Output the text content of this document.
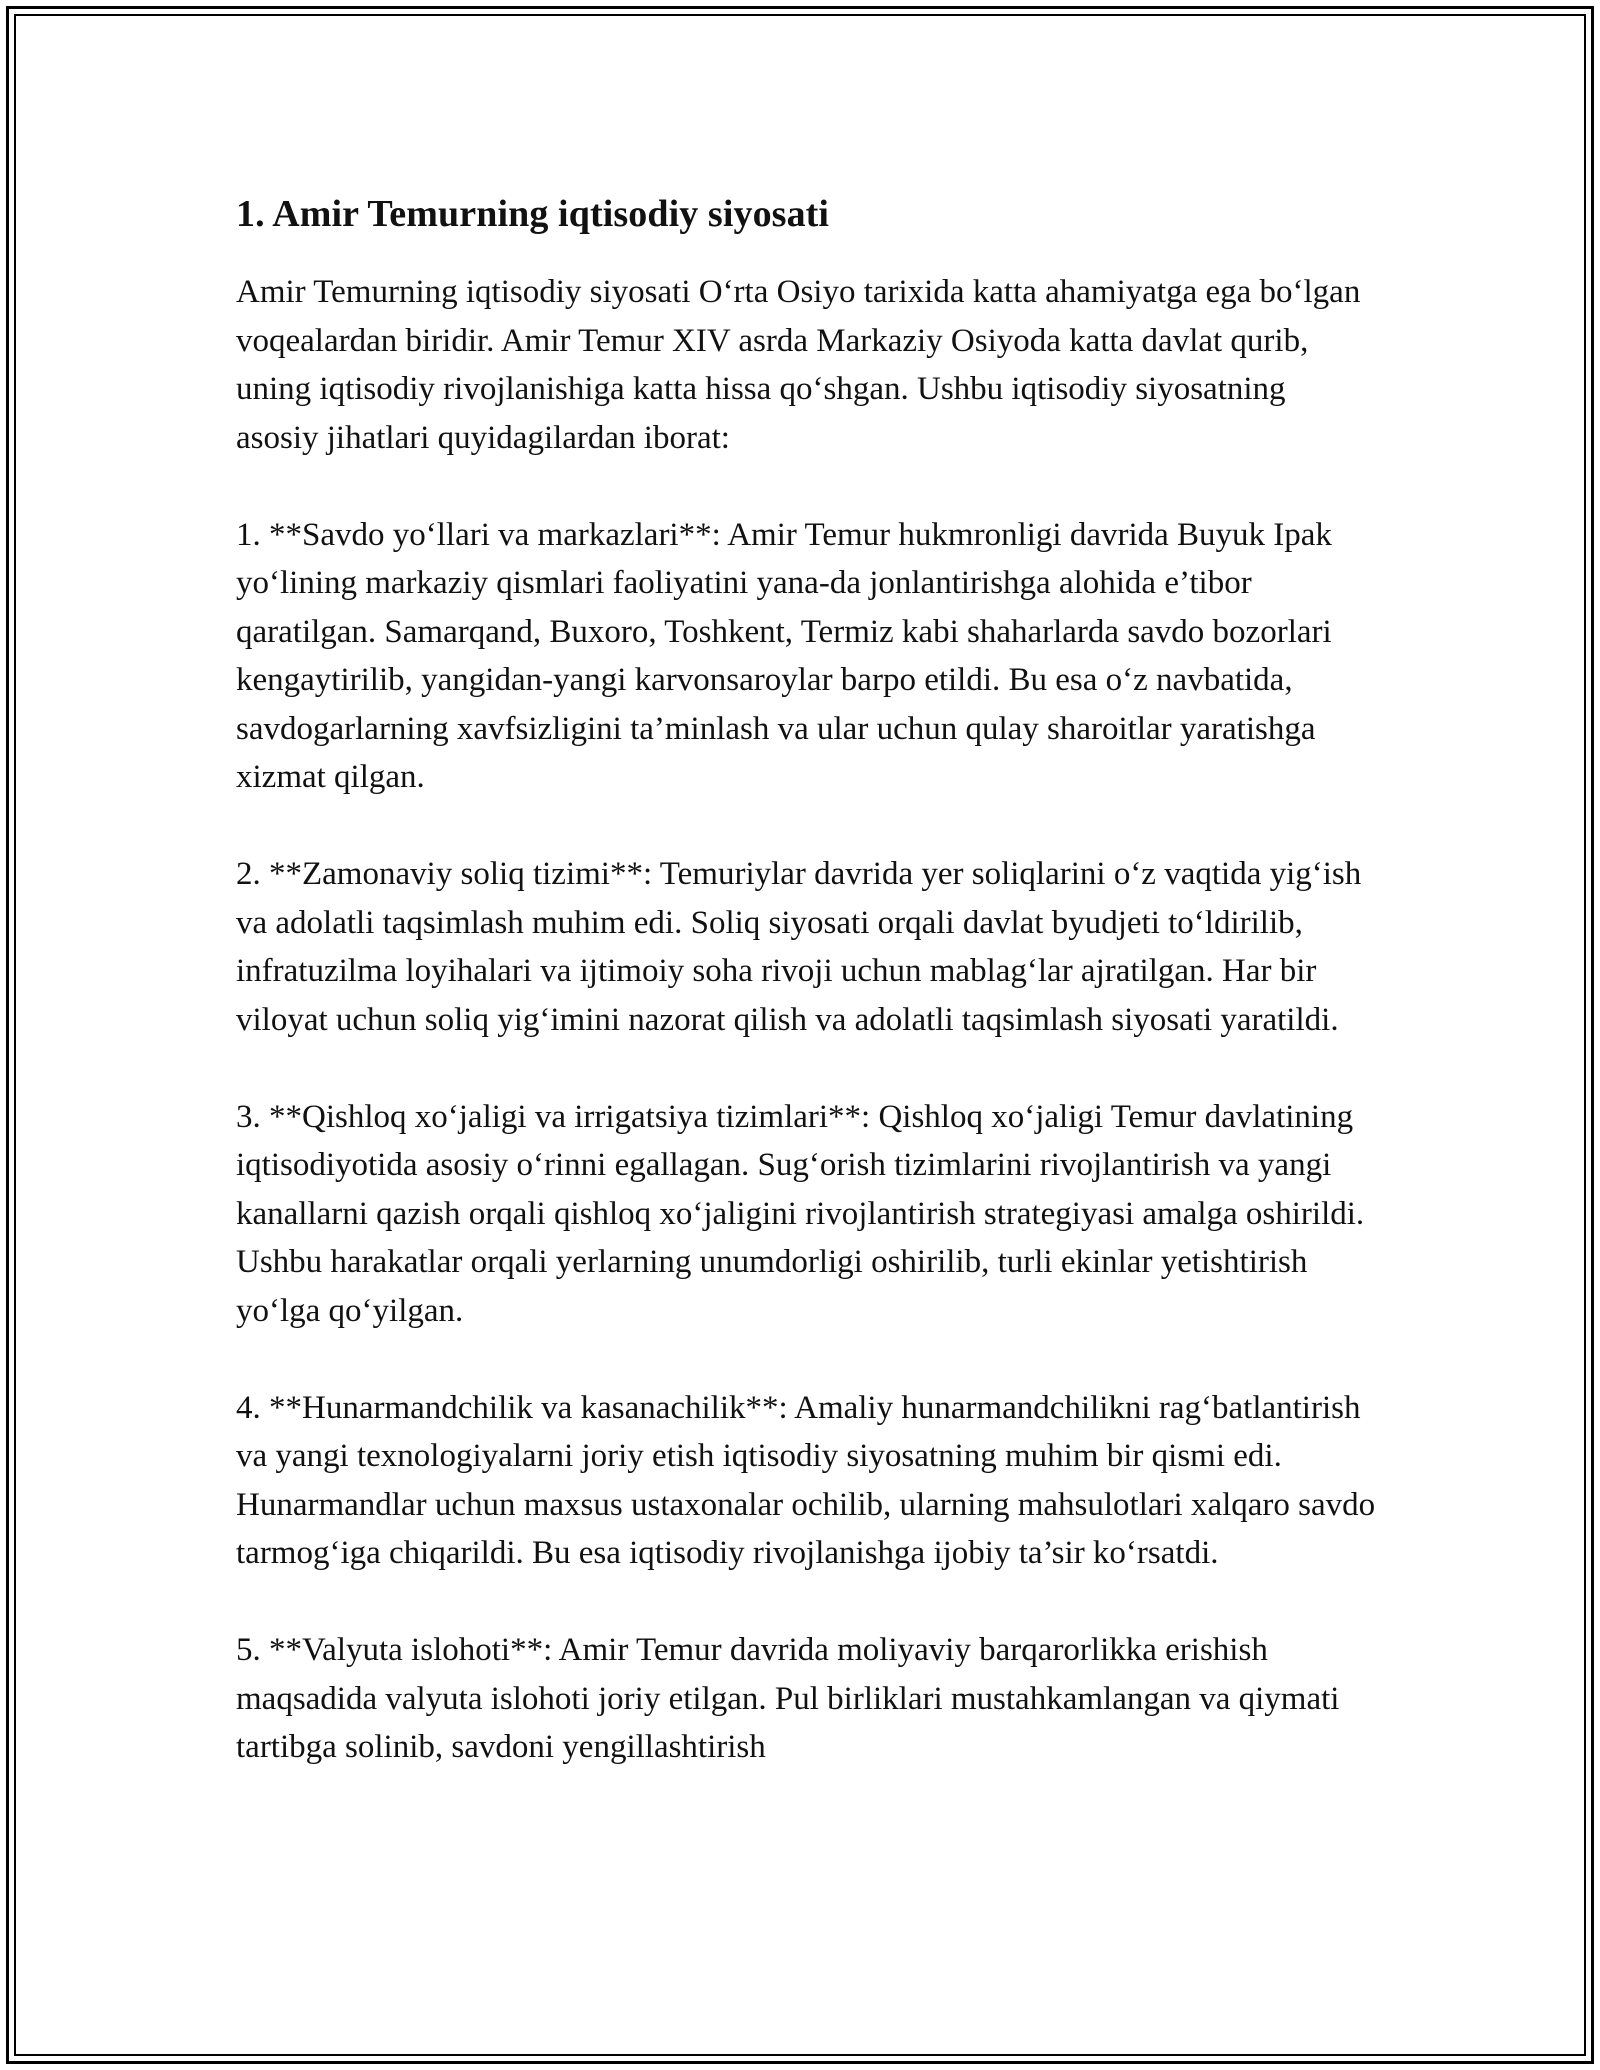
1. Amir Temurning iqtisodiy siyosati

Amir Temurning iqtisodiy siyosati O‘rta Osiyo tarixida katta ahamiyatga ega bo‘lgan voqealardan biridir. Amir Temur XIV asrda Markaziy Osiyoda katta davlat qurib, uning iqtisodiy rivojlanishiga katta hissa qo‘shgan. Ushbu iqtisodiy siyosatning asosiy jihatlari quyidagilardan iborat:

1. **Savdo yo‘llari va markazlari**: Amir Temur hukmronligi davrida Buyuk Ipak yo‘lining markaziy qismlari faoliyatini yana-da jonlantirishga alohida e’tibor qaratilgan. Samarqand, Buxoro, Toshkent, Termiz kabi shaharlarda savdo bozorlari kengaytirilib, yangidan-yangi karvonsaroylar barpo etildi. Bu esa o‘z navbatida, savdogarlarning xavfsizligini ta’minlash va ular uchun qulay sharoitlar yaratishga xizmat qilgan.

2. **Zamonaviy soliq tizimi**: Temuriylar davrida yer soliqlarini o‘z vaqtida yig‘ish va adolatli taqsimlash muhim edi. Soliq siyosati orqali davlat byudjeti to‘ldirilib, infratuzilma loyihalari va ijtimoiy soha rivoji uchun mablag‘lar ajratilgan. Har bir viloyat uchun soliq yig‘imini nazorat qilish va adolatli taqsimlash siyosati yaratildi.

3. **Qishloq xo‘jaligi va irrigatsiya tizimlari**: Qishloq xo‘jaligi Temur davlatining iqtisodiyotida asosiy o‘rinni egallagan. Sug‘orish tizimlarini rivojlantirish va yangi kanallarni qazish orqali qishloq xo‘jaligini rivojlantirish strategiyasi amalga oshirildi. Ushbu harakatlar orqali yerlarning unumdorligi oshirilib, turli ekinlar yetishtirish yo‘lga qo‘yilgan.

4. **Hunarmandchilik va kasanachilik**: Amaliy hunarmandchilikni rag‘batlantirish va yangi texnologiyalarni joriy etish iqtisodiy siyosatning muhim bir qismi edi. Hunarmandlar uchun maxsus ustaxonalar ochilib, ularning mahsulotlari xalqaro savdo tarmog‘iga chiqarildi. Bu esa iqtisodiy rivojlanishga ijobiy ta’sir ko‘rsatdi.

5. **Valyuta islohoti**: Amir Temur davrida moliyaviy barqarorlikka erishish maqsadida valyuta islohoti joriy etilgan. Pul birliklari mustahkamlangan va qiymati tartibga solinib, savdoni yengillashtirish
